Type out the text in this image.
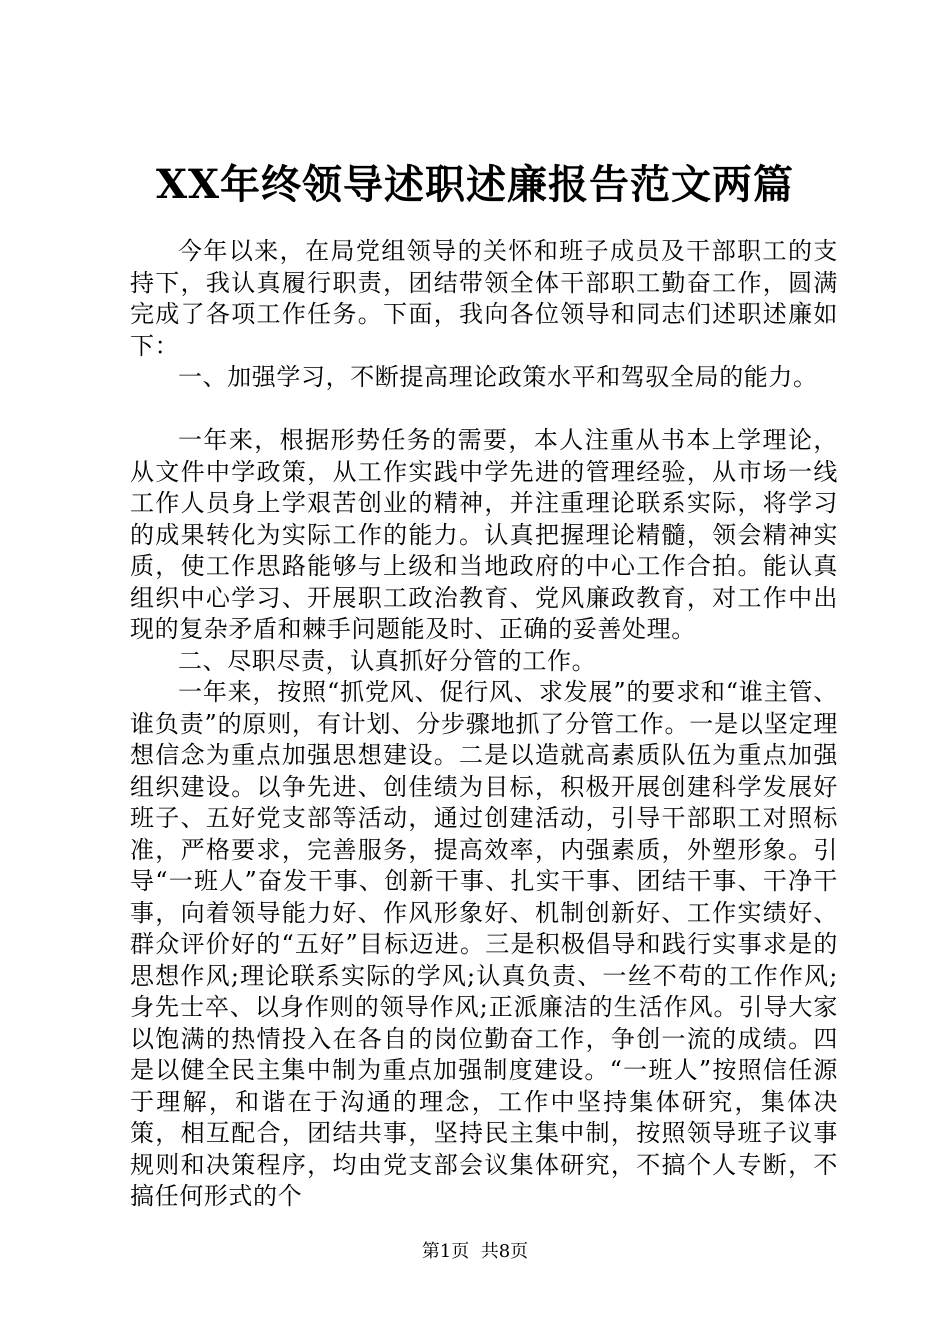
XX年终领导述职述廉报告范文两篇

今年以来，在局党组领导的关怀和班子成员及干部职工的支持下，我认真履行职责，团结带领全体干部职工勤奋工作，圆满完成了各项工作任务。下面，我向各位领导和同志们述职述廉如下：

一、加强学习，不断提高理论政策水平和驾驭全局的能力。

一年来，根据形势任务的需要，本人注重从书本上学理论，从文件中学政策，从工作实践中学先进的管理经验，从市场一线工作人员身上学艰苦创业的精神，并注重理论联系实际，将学习的成果转化为实际工作的能力。认真把握理论精髓，领会精神实质，使工作思路能够与上级和当地政府的中心工作合拍。能认真组织中心学习、开展职工政治教育、党风廉政教育，对工作中出现的复杂矛盾和棘手问题能及时、正确的妥善处理。

二、尽职尽责，认真抓好分管的工作。

一年来，按照“抓党风、促行风、求发展”的要求和“谁主管、谁负责”的原则，有计划、分步骤地抓了分管工作。一是以坚定理想信念为重点加强思想建设。二是以造就高素质队伍为重点加强组织建设。以争先进、创佳绩为目标，积极开展创建科学发展好班子、五好党支部等活动，通过创建活动，引导干部职工对照标准，严格要求，完善服务，提高效率，内强素质，外塑形象。引导“一班人”奋发干事、创新干事、扎实干事、团结干事、干净干事，向着领导能力好、作风形象好、机制创新好、工作实绩好、群众评价好的“五好”目标迈进。三是积极倡导和践行实事求是的思想作风;理论联系实际的学风;认真负责、一丝不苟的工作作风;身先士卒、以身作则的领导作风;正派廉洁的生活作风。引导大家以饱满的热情投入在各自的岗位勤奋工作，争创一流的成绩。四是以健全民主集中制为重点加强制度建设。“一班人”按照信任源于理解，和谐在于沟通的理念，工作中坚持集体研究，集体决策，相互配合，团结共事，坚持民主集中制，按照领导班子议事规则和决策程序，均由党支部会议集体研究，不搞个人专断，不搞任何形式的个

第1页  共8页
